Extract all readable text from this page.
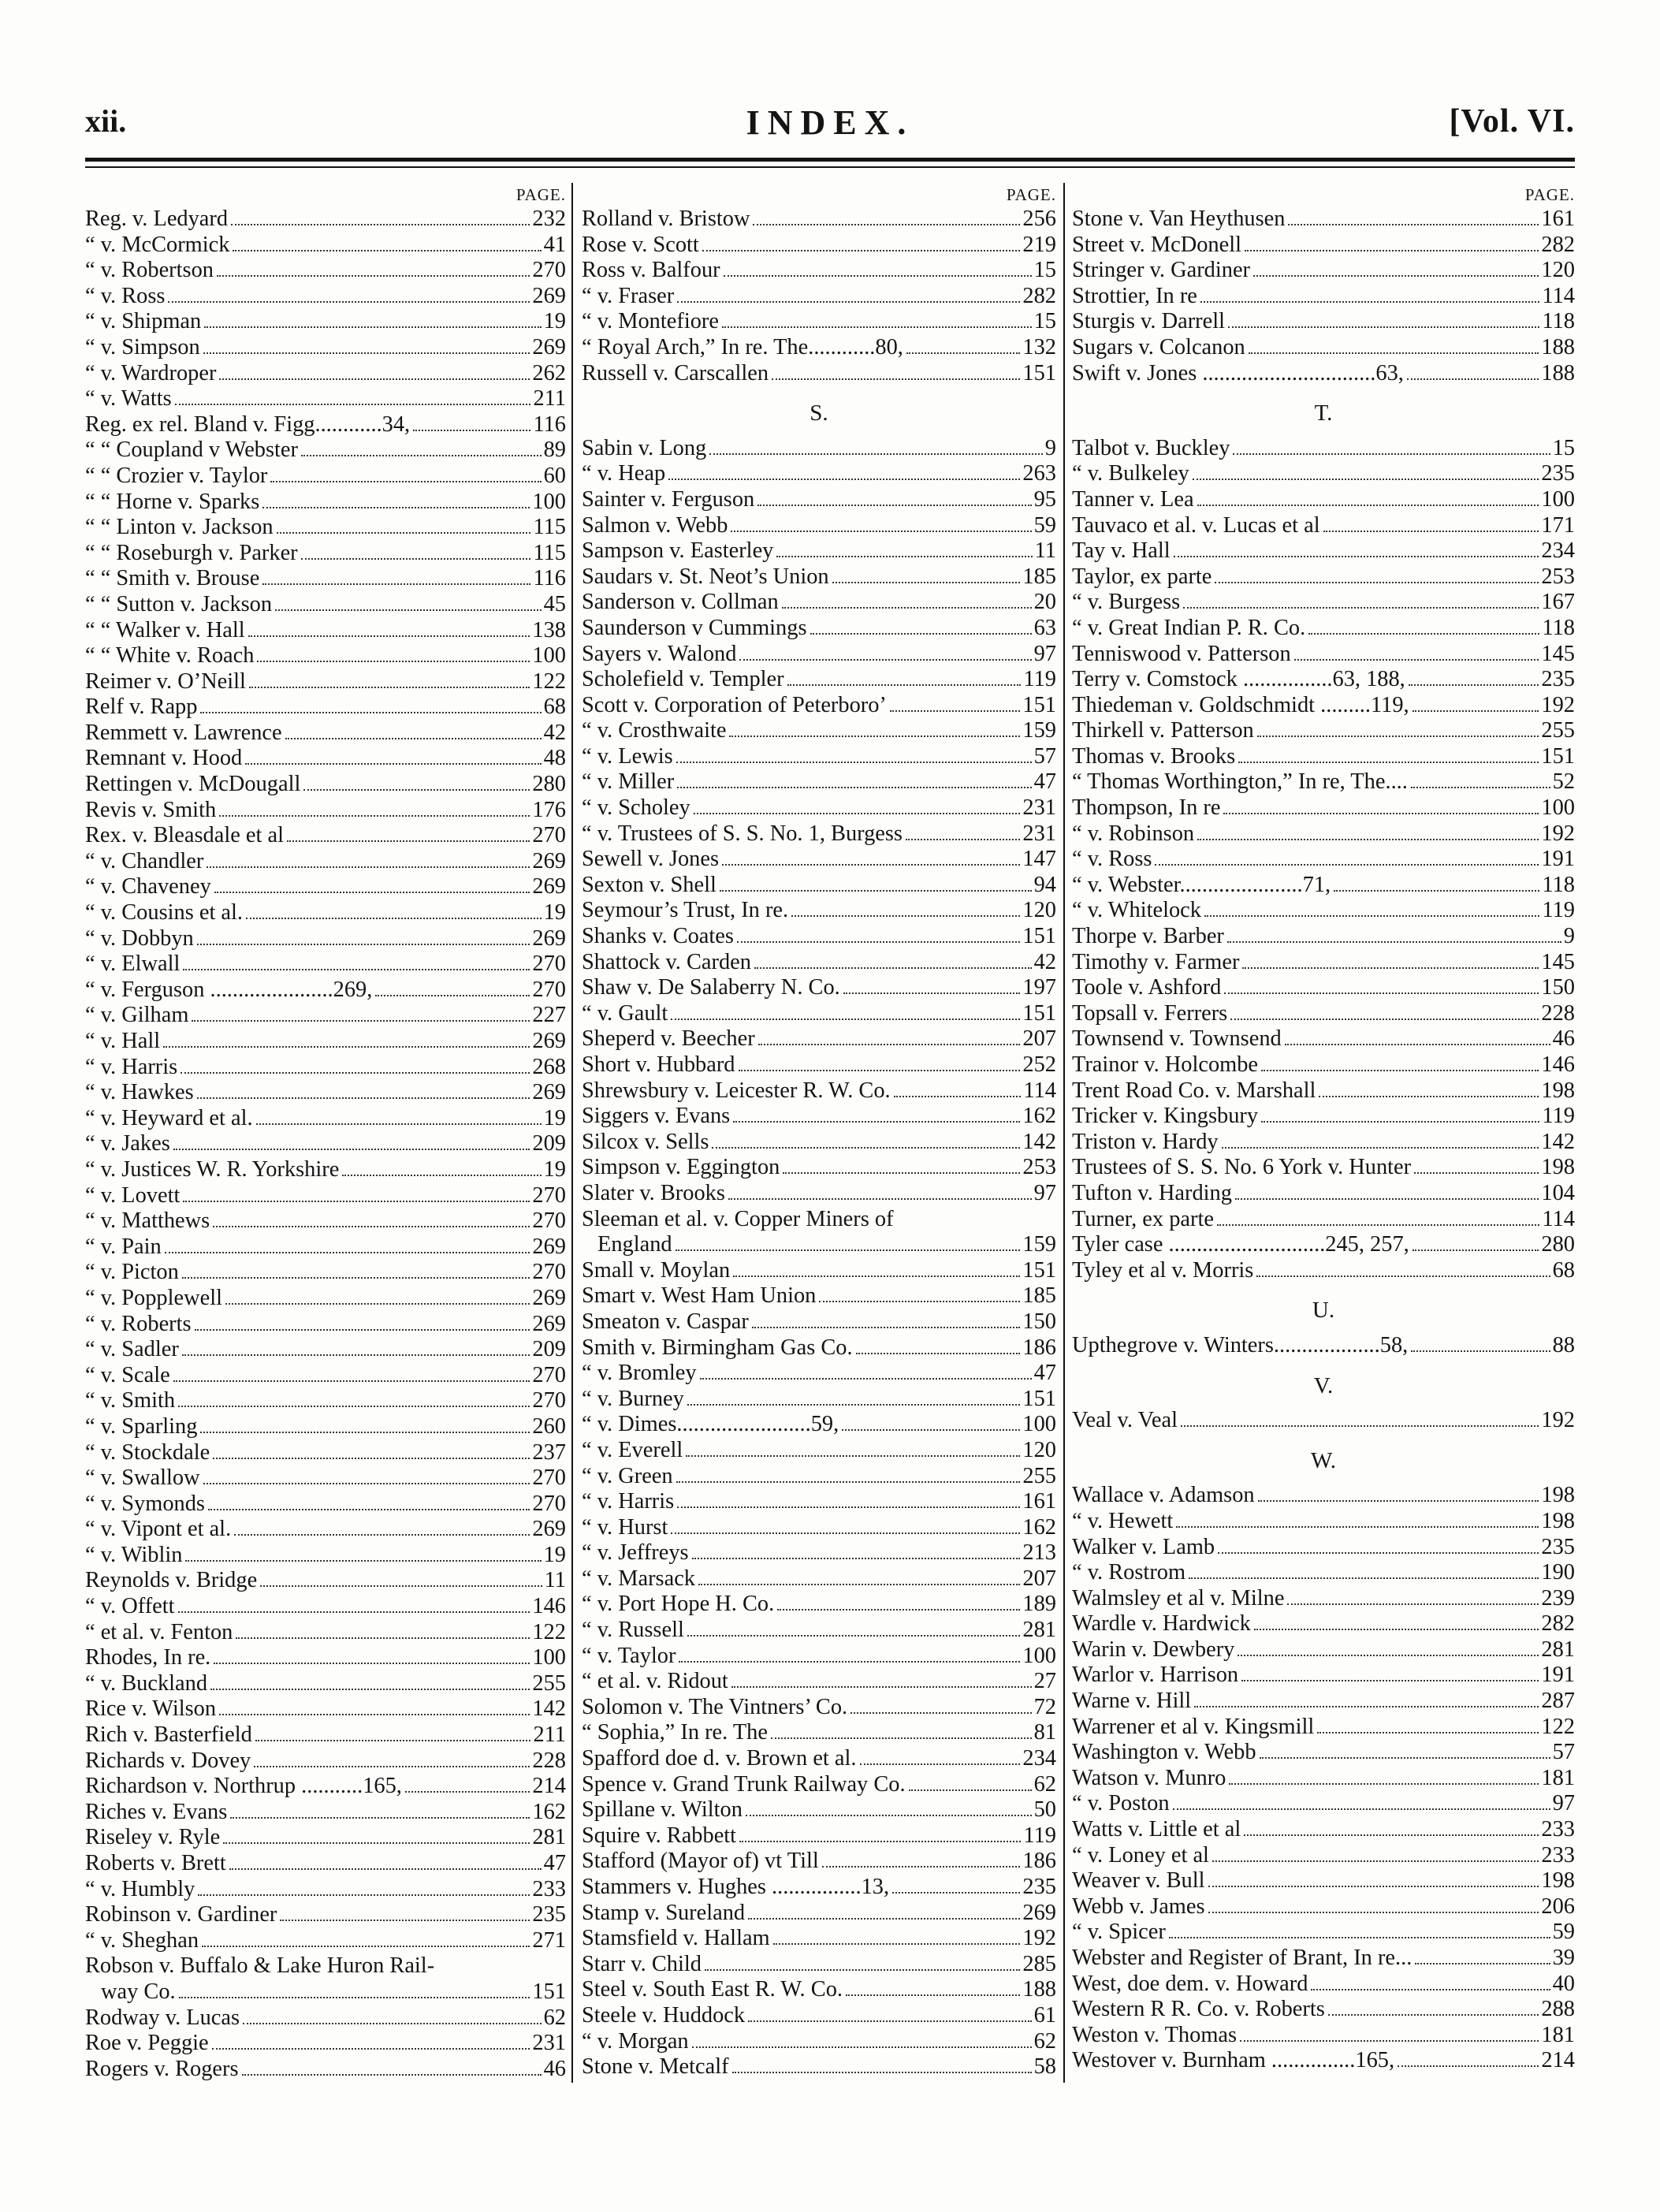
xii.	INDEX.	[Vol. VI.
PAGE.
Reg. v. Ledyard	232
“ v. McCormick	41
“ v. Robertson	270
“ v. Ross	269
“ v. Shipman	19
“ v. Simpson	269
“ v. Wardroper	262
“ v. Watts	211
Reg. ex rel. Bland v. Figg............34,	116
“ “ Coupland v Webster	89
“ “ Crozier v. Taylor	60
“ “ Horne v. Sparks	100
“ “ Linton v. Jackson	115
“ “ Roseburgh v. Parker	115
“ “ Smith v. Brouse	116
“ “ Sutton v. Jackson	45
“ “ Walker v. Hall	138
“ “ White v. Roach	100
Reimer v. O’Neill	122
Relf v. Rapp	68
Remmett v. Lawrence	42
Remnant v. Hood	48
Rettingen v. McDougall	280
Revis v. Smith	176
Rex. v. Bleasdale et al	270
“ v. Chandler	269
“ v. Chaveney	269
“ v. Cousins et al.	19
“ v. Dobbyn	269
“ v. Elwall	270
“ v. Ferguson ......................269,	270
“ v. Gilham	227
“ v. Hall	269
“ v. Harris	268
“ v. Hawkes	269
“ v. Heyward et al.	19
“ v. Jakes	209
“ v. Justices W. R. Yorkshire	19
“ v. Lovett	270
“ v. Matthews	270
“ v. Pain	269
“ v. Picton	270
“ v. Popplewell	269
“ v. Roberts	269
“ v. Sadler	209
“ v. Scale	270
“ v. Smith	270
“ v. Sparling	260
“ v. Stockdale	237
“ v. Swallow	270
“ v. Symonds	270
“ v. Vipont et al.	269
“ v. Wiblin	19
Reynolds v. Bridge	11
“ v. Offett	146
“ et al. v. Fenton	122
Rhodes, In re.	100
“ v. Buckland	255
Rice v. Wilson	142
Rich v. Basterfield	211
Richards v. Dovey	228
Richardson v. Northrup ...........165,	214
Riches v. Evans	162
Riseley v. Ryle	281
Roberts v. Brett	47
“ v. Humbly	233
Robinson v. Gardiner	235
“ v. Sheghan	271
Robson v. Buffalo & Lake Huron Rail-
way Co.	151
Rodway v. Lucas	62
Roe v. Peggie	231
Rogers v. Rogers	46
PAGE.
Rolland v. Bristow	256
Rose v. Scott	219
Ross v. Balfour	15
“ v. Fraser	282
“ v. Montefiore	15
“ Royal Arch,” In re. The............80,	132
Russell v. Carscallen	151
S.
Sabin v. Long	9
“ v. Heap	263
Sainter v. Ferguson	95
Salmon v. Webb	59
Sampson v. Easterley	11
Saudars v. St. Neot’s Union	185
Sanderson v. Collman	20
Saunderson v Cummings	63
Sayers v. Walond	97
Scholefield v. Templer	119
Scott v. Corporation of Peterboro’	151
“ v. Crosthwaite	159
“ v. Lewis	57
“ v. Miller	47
“ v. Scholey	231
“ v. Trustees of S. S. No. 1, Burgess	231
Sewell v. Jones	147
Sexton v. Shell	94
Seymour’s Trust, In re.	120
Shanks v. Coates	151
Shattock v. Carden	42
Shaw v. De Salaberry N. Co.	197
“ v. Gault	151
Sheperd v. Beecher	207
Short v. Hubbard	252
Shrewsbury v. Leicester R. W. Co.	114
Siggers v. Evans	162
Silcox v. Sells	142
Simpson v. Eggington	253
Slater v. Brooks	97
Sleeman et al. v. Copper Miners of
England	159
Small v. Moylan	151
Smart v. West Ham Union	185
Smeaton v. Caspar	150
Smith v. Birmingham Gas Co.	186
“ v. Bromley	47
“ v. Burney	151
“ v. Dimes........................59,	100
“ v. Everell	120
“ v. Green	255
“ v. Harris	161
“ v. Hurst	162
“ v. Jeffreys	213
“ v. Marsack	207
“ v. Port Hope H. Co.	189
“ v. Russell	281
“ v. Taylor	100
“ et al. v. Ridout	27
Solomon v. The Vintners’ Co.	72
“ Sophia,” In re. The	81
Spafford doe d. v. Brown et al.	234
Spence v. Grand Trunk Railway Co.	62
Spillane v. Wilton	50
Squire v. Rabbett	119
Stafford (Mayor of) vt Till	186
Stammers v. Hughes ................13,	235
Stamp v. Sureland	269
Stamsfield v. Hallam	192
Starr v. Child	285
Steel v. South East R. W. Co.	188
Steele v. Huddock	61
“ v. Morgan	62
Stone v. Metcalf	58
PAGE.
Stone v. Van Heythusen	161
Street v. McDonell	282
Stringer v. Gardiner	120
Strottier, In re	114
Sturgis v. Darrell	118
Sugars v. Colcanon	188
Swift v. Jones ...............................63,	188
T.
Talbot v. Buckley	15
“ v. Bulkeley	235
Tanner v. Lea	100
Tauvaco et al. v. Lucas et al	171
Tay v. Hall	234
Taylor, ex parte	253
“ v. Burgess	167
“ v. Great Indian P. R. Co.	118
Tenniswood v. Patterson	145
Terry v. Comstock ................63, 188,	235
Thiedeman v. Goldschmidt .........119,	192
Thirkell v. Patterson	255
Thomas v. Brooks	151
“ Thomas Worthington,” In re, The....	52
Thompson, In re	100
“ v. Robinson	192
“ v. Ross	191
“ v. Webster......................71,	118
“ v. Whitelock	119
Thorpe v. Barber	9
Timothy v. Farmer	145
Toole v. Ashford	150
Topsall v. Ferrers	228
Townsend v. Townsend	46
Trainor v. Holcombe	146
Trent Road Co. v. Marshall	198
Tricker v. Kingsbury	119
Triston v. Hardy	142
Trustees of S. S. No. 6 York v. Hunter	198
Tufton v. Harding	104
Turner, ex parte	114
Tyler case ............................245, 257,	280
Tyley et al v. Morris	68
U.
Upthegrove v. Winters...................58,	88
V.
Veal v. Veal	192
W.
Wallace v. Adamson	198
“ v. Hewett	198
Walker v. Lamb	235
“ v. Rostrom	190
Walmsley et al v. Milne	239
Wardle v. Hardwick	282
Warin v. Dewbery	281
Warlor v. Harrison	191
Warne v. Hill	287
Warrener et al v. Kingsmill	122
Washington v. Webb	57
Watson v. Munro	181
“ v. Poston	97
Watts v. Little et al	233
“ v. Loney et al	233
Weaver v. Bull	198
Webb v. James	206
“ v. Spicer	59
Webster and Register of Brant, In re...	39
West, doe dem. v. Howard	40
Western R R. Co. v. Roberts	288
Weston v. Thomas	181
Westover v. Burnham ...............165,	214
